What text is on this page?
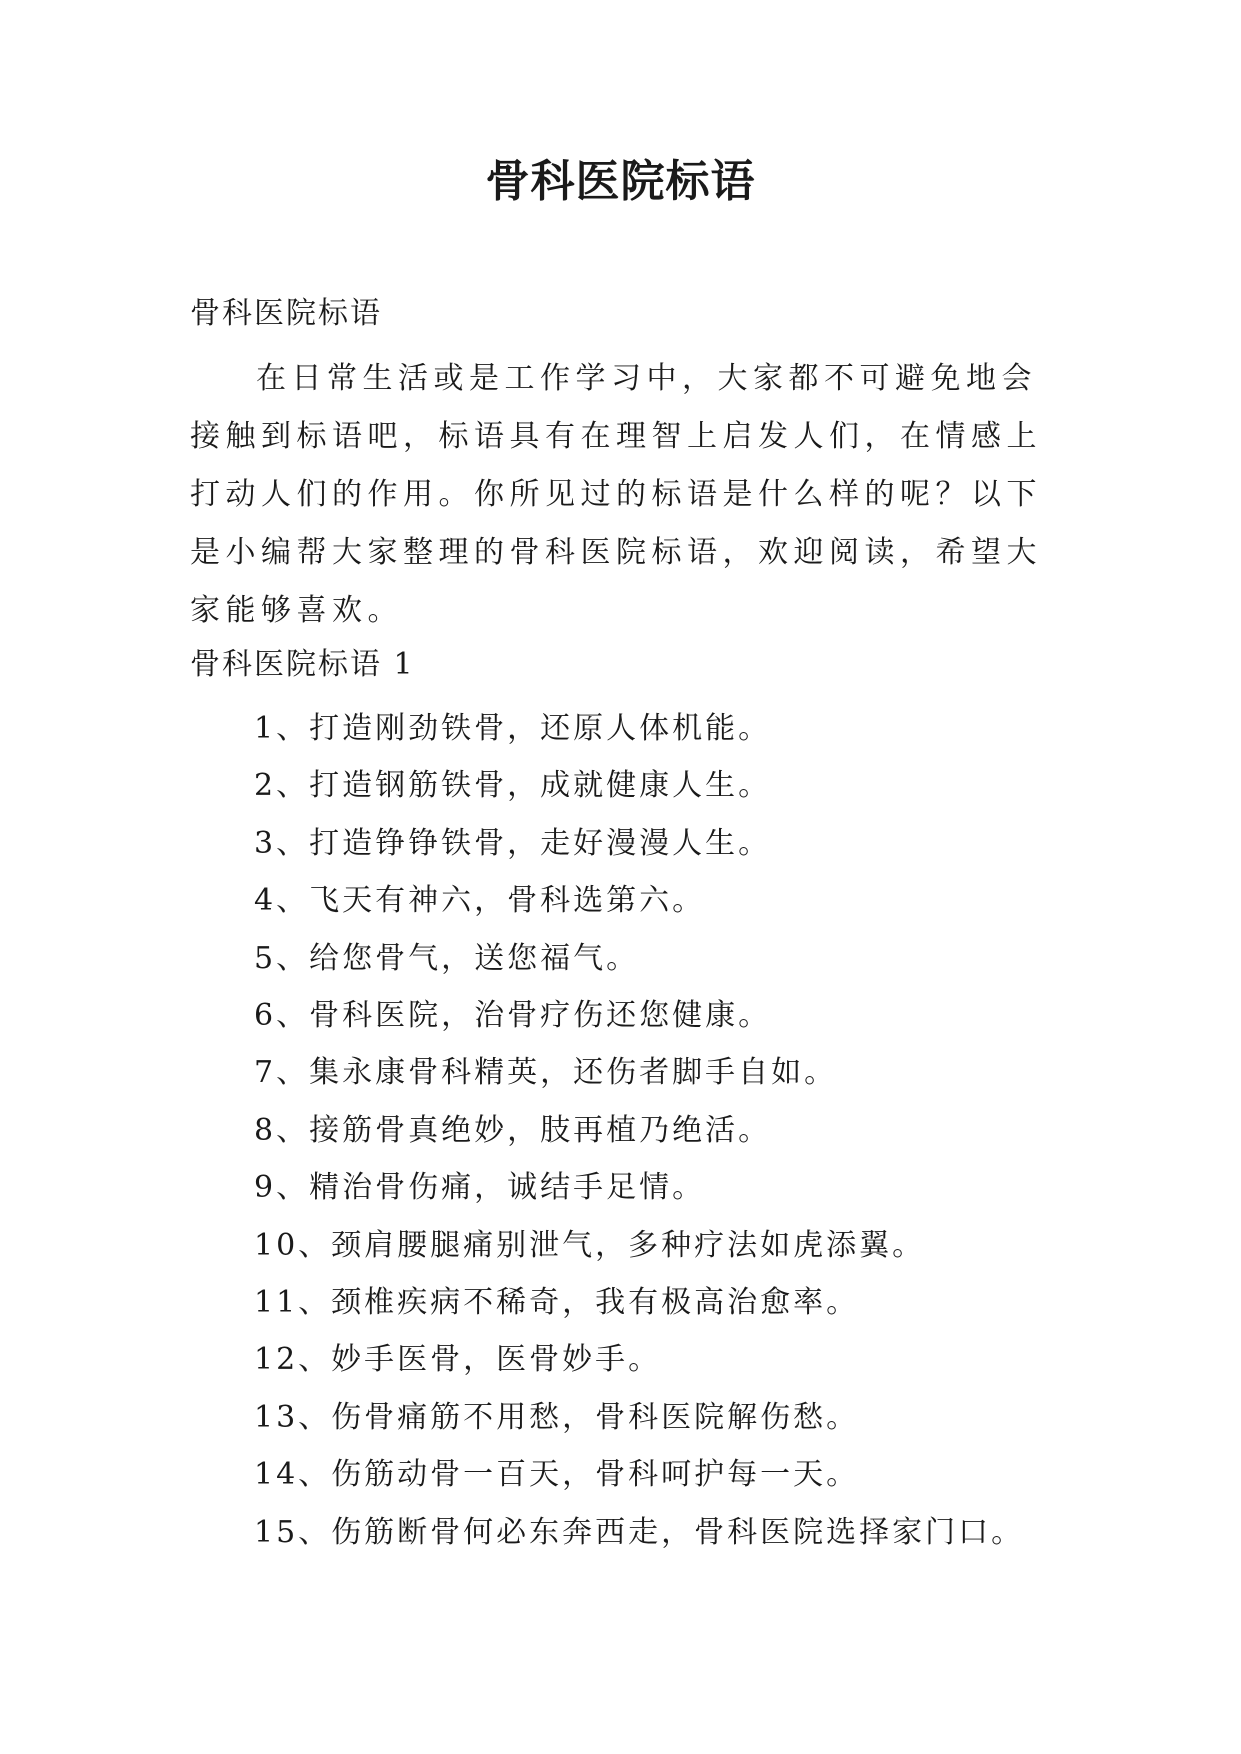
骨科医院标语

骨科医院标语

在日常生活或是工作学习中，大家都不可避免地会接触到标语吧，标语具有在理智上启发人们，在情感上打动人们的作用。你所见过的标语是什么样的呢？以下是小编帮大家整理的骨科医院标语，欢迎阅读，希望大家能够喜欢。

骨科医院标语 1

1、打造刚劲铁骨，还原人体机能。
2、打造钢筋铁骨，成就健康人生。
3、打造铮铮铁骨，走好漫漫人生。
4、飞天有神六，骨科选第六。
5、给您骨气，送您福气。
6、骨科医院，治骨疗伤还您健康。
7、集永康骨科精英，还伤者脚手自如。
8、接筋骨真绝妙，肢再植乃绝活。
9、精治骨伤痛，诚结手足情。
10、颈肩腰腿痛别泄气，多种疗法如虎添翼。
11、颈椎疾病不稀奇，我有极高治愈率。
12、妙手医骨，医骨妙手。
13、伤骨痛筋不用愁，骨科医院解伤愁。
14、伤筋动骨一百天，骨科呵护每一天。
15、伤筋断骨何必东奔西走，骨科医院选择家门口。
